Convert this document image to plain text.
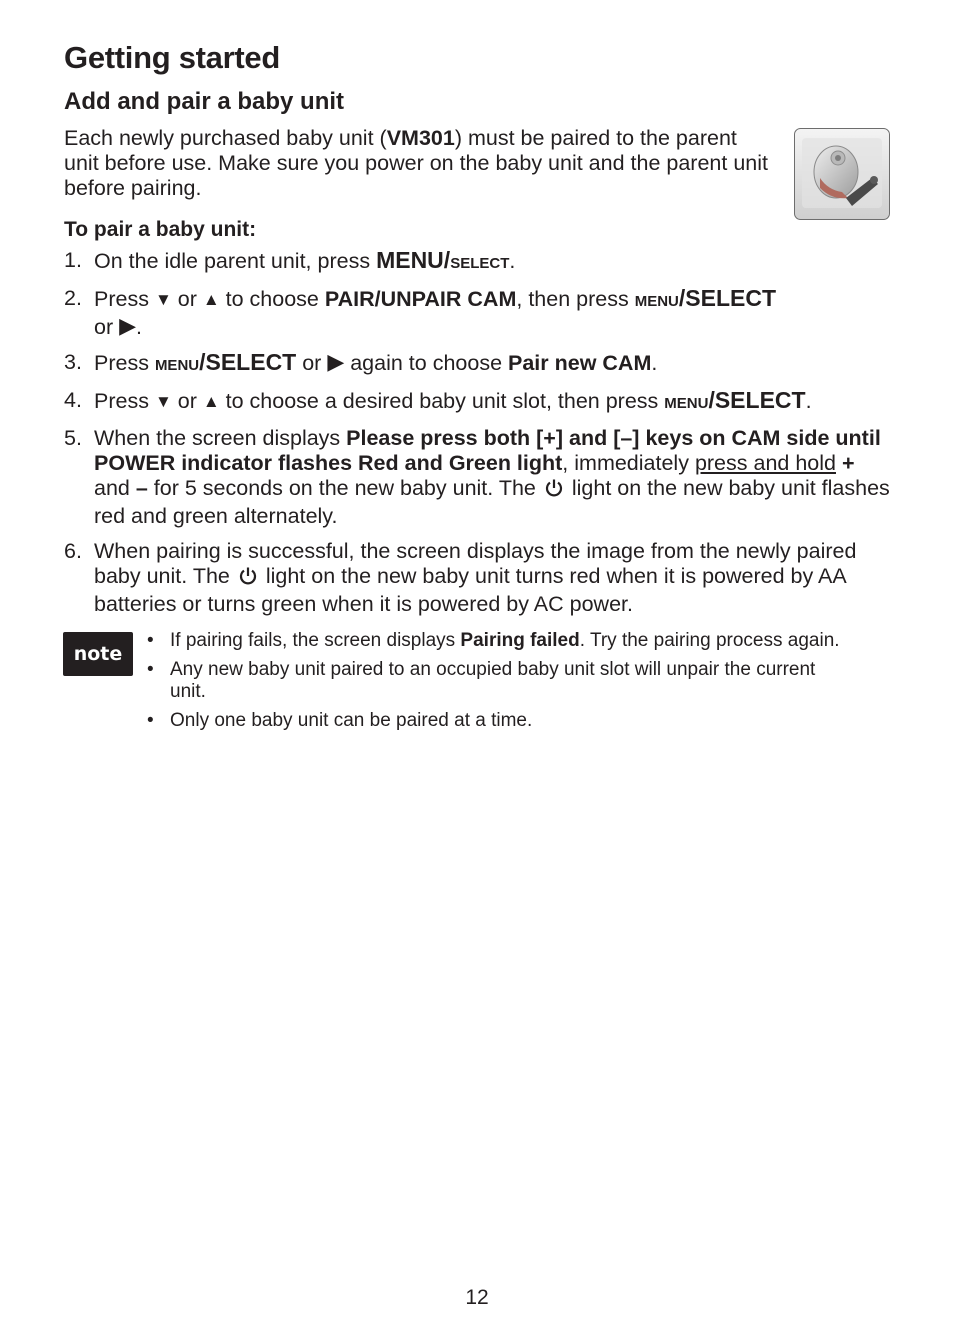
Getting started
Add and pair a baby unit
Each newly purchased baby unit (VM301) must be paired to the parent unit before use. Make sure you power on the baby unit and the parent unit before pairing.
To pair a baby unit:
1. On the idle parent unit, press MENU/SELECT.
2. Press ▼ or ▲ to choose PAIR/UNPAIR CAM, then press MENU/SELECT
or ▶.
3. Press MENU/SELECT or ▶ again to choose Pair new CAM.
4. Press ▼ or ▲ to choose a desired baby unit slot, then press MENU/SELECT.
5. When the screen displays Please press both [+] and [–] keys on CAM side until POWER indicator flashes Red and Green light, immediately press and hold + and – for 5 seconds on the new baby unit. The light on the new baby unit flashes red and green alternately.
6. When pairing is successful, the screen displays the image from the newly paired baby unit. The light on the new baby unit turns red when it is powered by AA batteries or turns green when it is powered by AC power.
note
• If pairing fails, the screen displays Pairing failed. Try the pairing process again.
• Any new baby unit paired to an occupied baby unit slot will unpair the current unit.
• Only one baby unit can be paired at a time.
12
